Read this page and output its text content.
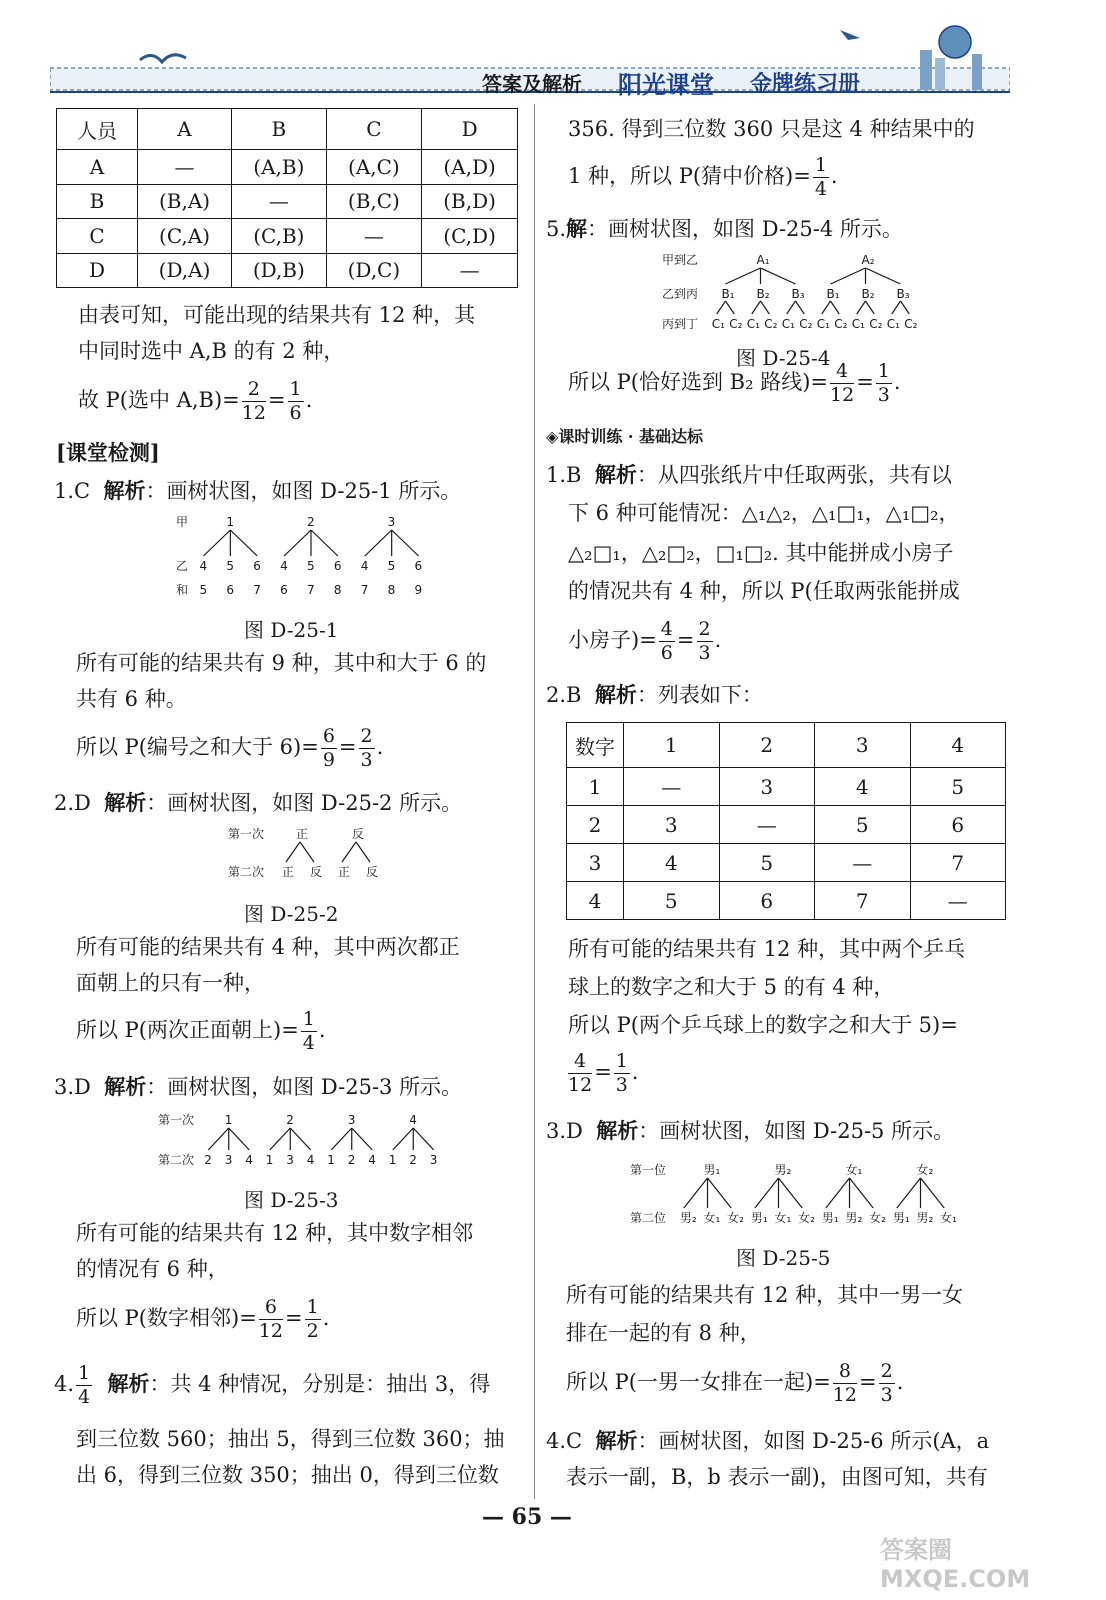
答案及解析 阳光课堂 金牌练习册
人员	A	B	C	D
A	—	(A,B)	(A,C)	(A,D)
B	(B,A)	—	(B,C)	(B,D)
C	(C,A)	(C,B)	—	(C,D)
D	(D,A)	(D,B)	(D,C)	—
由表可知，可能出现的结果共有 12 种，其
中同时选中 A,B 的有 2 种，
故 P(选中 $A,B)= \frac{2}{12} = \frac{1}{6}$ .
[课堂检测]
1.C 解析：画树状图，如图 D-25-1 所示。
甲
乙
和
1	2	3
4 5 6 4 5 6 4 5 6
5 6 7 6 7 8 7 8 9
图 D-25-1
所有可能的结果共有 9 种，其中和大于 6 的
共有 6 种。
所以 P(编号之和大于 $6)= \frac{6}{9} = \frac{2}{3}$ .
2.D 解析：画树状图，如图 D-25-2 所示。
第一次
第二次
正	反
正 反 正 反
图 D-25-2
所有可能的结果共有 4 种，其中两次都正
面朝上的只有一种，
所以 P(两次正面朝上)= $\frac{1}{4}$ .
3.D 解析：画树状图，如图 D-25-3 所示。
第一次
第二次
1	2	3	4
2 3 4 1 3 4 1 2 4 1 2 3
图 D-25-3
所有可能的结果共有 12 种，其中数字相邻
的情况有 6 种，
所以 P(数字相邻)= $\frac{6}{12} = \frac{1}{2}$ .
4. $\frac{1}{4}$ 解析：共 4 种情况，分别是：抽出 3，得
到三位数 560；抽出 5，得到三位数 360；抽
出 6，得到三位数 350；抽出 0，得到三位数
356. 得到三位数 360 只是这 4 种结果中的
1 种，所以 P(猜中价格)= $\frac{1}{4}$ .
5.解：画树状图，如图 D-25-4 所示。
甲到乙
乙到丙
丙到丁
A₁	A₂
B₁ B₂ B₃ B₁ B₂ B₃
C₁ C₂ C₁ C₂ C₁ C₂ C₁ C₂ C₁ C₂ C₁ C₂
图 D-25-4
所以 P(恰好选到 B₂ 路线)= $\frac{4}{12} = \frac{1}{3}$ .
◈课时训练 · 基础达标
1.B 解析：从四张纸片中任取两张，共有以
下 6 种可能情况：△₁△₂，△₁□₁，△₁□₂，
△₂□₁，△₂□₂，□₁□₂. 其中能拼成小房子
的情况共有 4 种，所以 P(任取两张能拼成
小房子)= $\frac{4}{6} = \frac{2}{3}$ .
2.B 解析：列表如下：
数字	1	2	3	4
1	—	3	4	5
2	3	—	5	6
3	4	5	—	7
4	5	6	7	—
所有可能的结果共有 12 种，其中两个乒乓
球上的数字之和大于 5 的有 4 种，
所以 P(两个乒乓球上的数字之和大于 5)=
$\frac{4}{12} = \frac{1}{3}$ .
3.D 解析：画树状图，如图 D-25-5 所示。
第一位
第二位
男₁	男₂	女₁	女₂
男₂ 女₁ 女₂ 男₁ 女₁ 女₂ 男₁ 男₂ 女₂ 男₁ 男₂ 女₁
图 D-25-5
所有可能的结果共有 12 种，其中一男一女
排在一起的有 8 种，
所以 P(一男一女排在一起)= $\frac{8}{12} = \frac{2}{3}$ .
4.C 解析：画树状图，如图 D-25-6 所示(A，a
表示一副，B，b 表示一副)，由图可知，共有
— 65 —
答案圈 MXQE.COM
